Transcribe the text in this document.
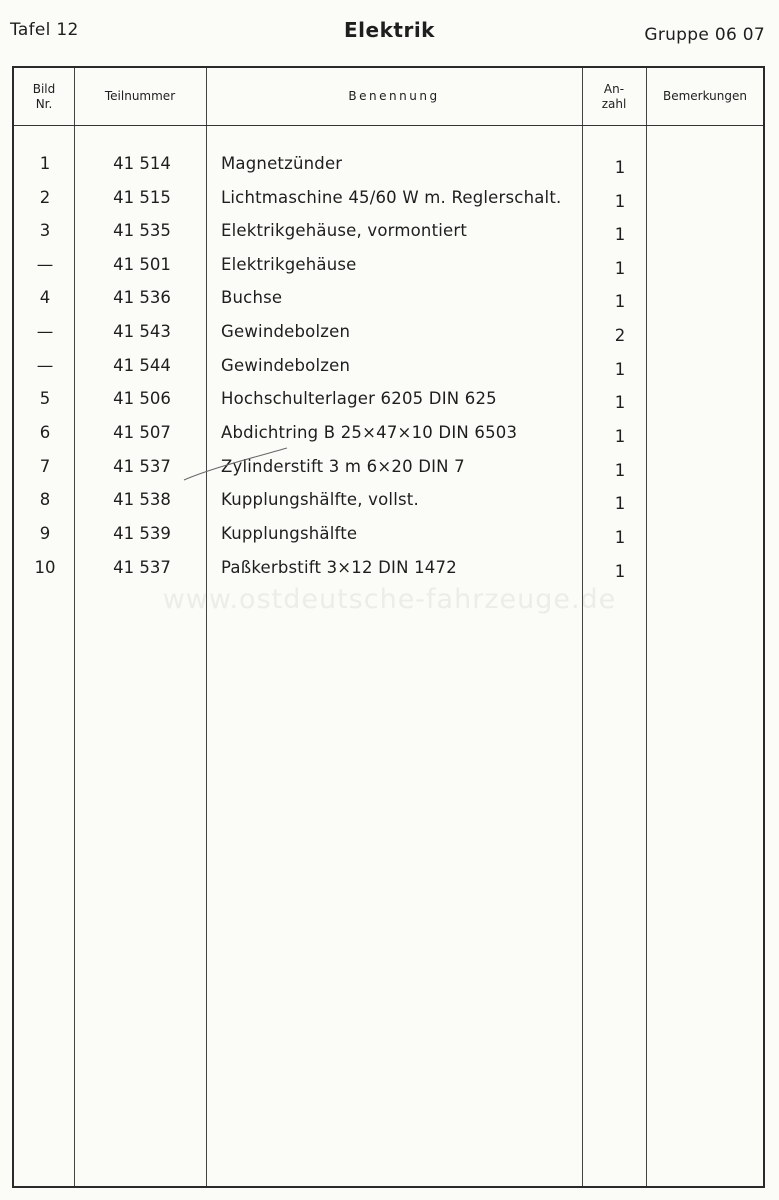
Tafel 12	Elektrik	Gruppe 06 07
www.ostdeutsche-fahrzeuge.de
Bild
Nr.
Teilnummer	Benennung
An-
zahl
Bemerkungen
1	41 514	Magnetzünder	1
2	41 515	Lichtmaschine 45/60 W m. Reglerschalt.	1
3	41 535	Elektrikgehäuse, vormontiert	1
—	41 501	Elektrikgehäuse	1
4	41 536	Buchse	1
—	41 543	Gewindebolzen	2
—	41 544	Gewindebolzen	1
5	41 506	Hochschulterlager 6205 DIN 625	1
6	41 507	Abdichtring B 25×47×10 DIN 6503	1
7	41 537	Zylinderstift 3 m 6×20 DIN 7	1
8	41 538	Kupplungshälfte, vollst.	1
9	41 539	Kupplungshälfte	1
10	41 537	Paßkerbstift 3×12 DIN 1472	1
